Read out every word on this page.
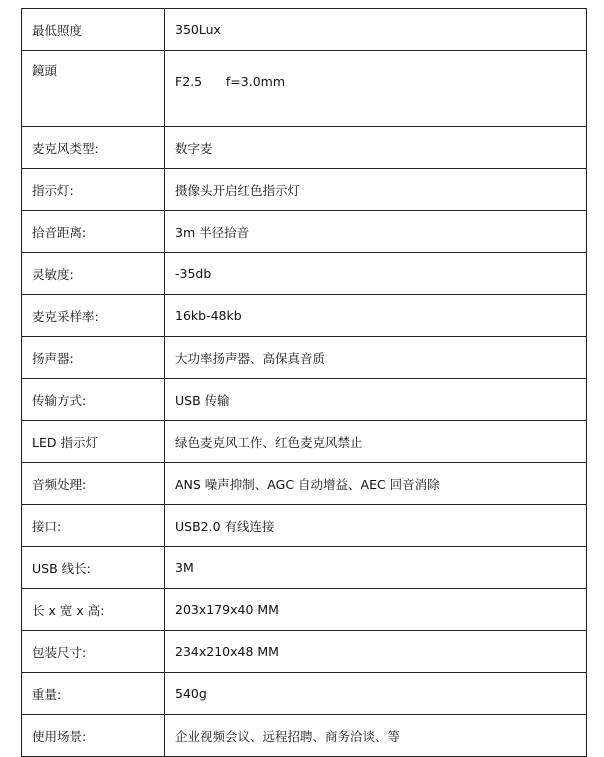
最低照度	350Lux
鏡頭	F2.5      f=3.0mm
麦克风类型:	数字麦
指示灯:	摄像头开启红色指示灯
拾音距离:	3m 半径拾音
灵敏度:	-35db
麦克采样率:	16kb-48kb
扬声器:	大功率扬声器、高保真音质
传输方式:	USB 传输
LED 指示灯	绿色麦克风工作、红色麦克风禁止
音频处理:	ANS 噪声抑制、AGC 自动增益、AEC 回音消除
接口:	USB2.0 有线连接
USB 线长:	3M
长 x 宽 x 高:	203x179x40 MM
包装尺寸:	234x210x48 MM
重量:	540g
使用场景:	企业视频会议、远程招聘、商务洽谈、等
